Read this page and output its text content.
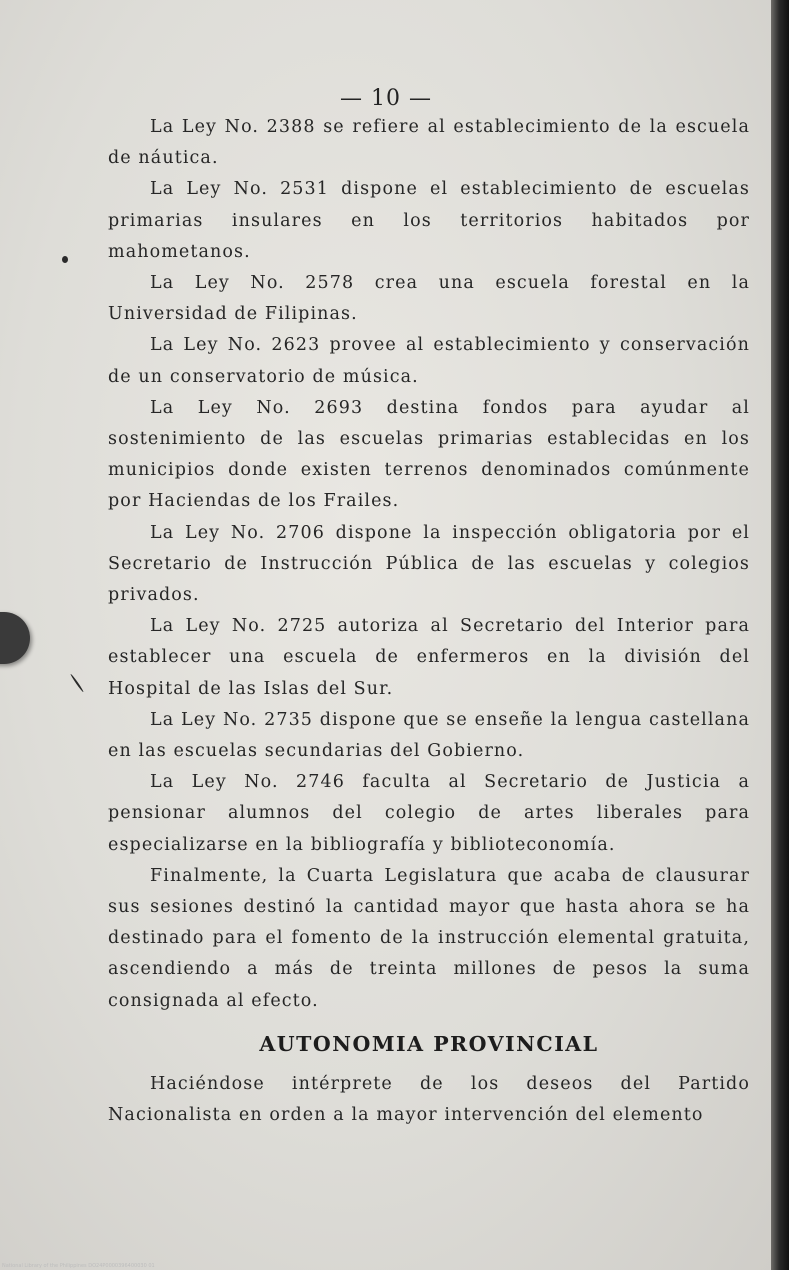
— 10 —

La Ley No. 2388 se refiere al establecimiento de la escuela de náutica.

La Ley No. 2531 dispone el establecimiento de escuelas primarias insulares en los territorios habitados por mahometanos.

La Ley No. 2578 crea una escuela forestal en la Universidad de Filipinas.

La Ley No. 2623 provee al establecimiento y conservación de un conservatorio de música.

La Ley No. 2693 destina fondos para ayudar al sostenimiento de las escuelas primarias establecidas en los municipios donde existen terrenos denominados comúnmente por Haciendas de los Frailes.

La Ley No. 2706 dispone la inspección obligatoria por el Secretario de Instrucción Pública de las escuelas y colegios privados.

La Ley No. 2725 autoriza al Secretario del Interior para establecer una escuela de enfermeros en la división del Hospital de las Islas del Sur.

La Ley No. 2735 dispone que se enseñe la lengua castellana en las escuelas secundarias del Gobierno.

La Ley No. 2746 faculta al Secretario de Justicia a pensionar alumnos del colegio de artes liberales para especializarse en la bibliografía y biblioteconomía.

Finalmente, la Cuarta Legislatura que acaba de clausurar sus sesiones destinó la cantidad mayor que hasta ahora se ha destinado para el fomento de la instrucción elemental gratuita, ascendiendo a más de treinta millones de pesos la suma consignada al efecto.

AUTONOMIA PROVINCIAL

Haciéndose intérprete de los deseos del Partido Nacionalista en orden a la mayor intervención del elemento

National Library of the Philippines DO24P0000396400030 01
